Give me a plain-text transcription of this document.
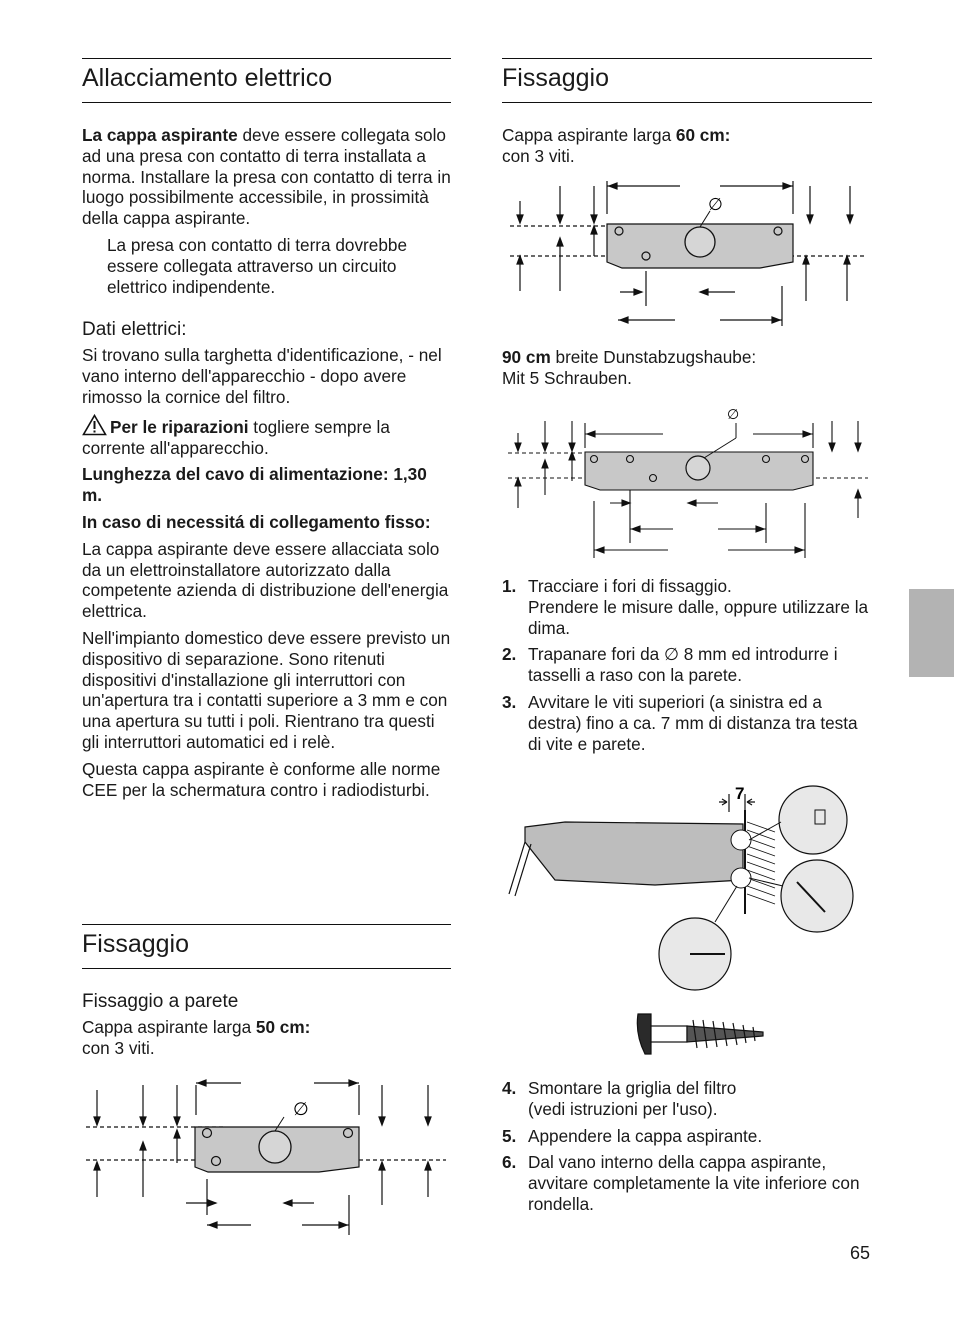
Allacciamento elettrico

La cappa aspirante deve essere collegata solo ad una presa con contatto di terra installata a norma. Installare la presa con contatto di terra in luogo possibilmente accessibile, in prossimità della cappa aspirante.

La presa con contatto di terra dovrebbe essere collegata attraverso un circuito elettrico indipendente.

Dati elettrici:

Si trovano sulla targhetta d'identificazione, - nel vano interno dell'apparecchio - dopo avere rimosso la cornice del filtro.

Per le riparazioni togliere sempre la corrente all'apparecchio.

Lunghezza del cavo di alimentazione: 1,30 m.

In caso di necessitá di collegamento fisso:

La cappa aspirante deve essere allacciata solo da un elettroinstallatore autorizzato dalla competente azienda di distribuzione dell'energia elettrica.

Nell'impianto domestico deve essere previsto un dispositivo di separazione. Sono ritenuti dispositivi d'installazione gli interruttori con un'apertura tra i contatti superiore a 3 mm e con una apertura su tutti i poli. Rientrano tra questi gli interruttori automatici ed i relè.

Questa cappa aspirante è conforme alle norme CEE per la schermatura contro i radiodisturbi.

Fissaggio
Fissaggio a parete

Cappa aspirante larga 50 cm:

con 3 viti.

∅
Fissaggio

Cappa aspirante larga 60 cm:

con 3 viti.

∅

90 cm breite Dunstabzugshaube:

Mit 5 Schrauben.

∅
1. Tracciare i fori di fissaggio.
Prendere le misure dalle, oppure utilizzare la dima.
2. Trapanare fori da ∅ 8 mm ed introdurre i tasselli a raso con la parete.
3. Avvitare le viti superiori (a sinistra ed a destra) fino a ca. 7 mm di distanza tra testa di vite e parete.
7
4. Smontare la griglia del filtro
(vedi istruzioni per l'uso).
5. Appendere la cappa aspirante.
6. Dal vano interno della cappa aspirante, avvitare completamente la vite inferiore con rondella.
65
